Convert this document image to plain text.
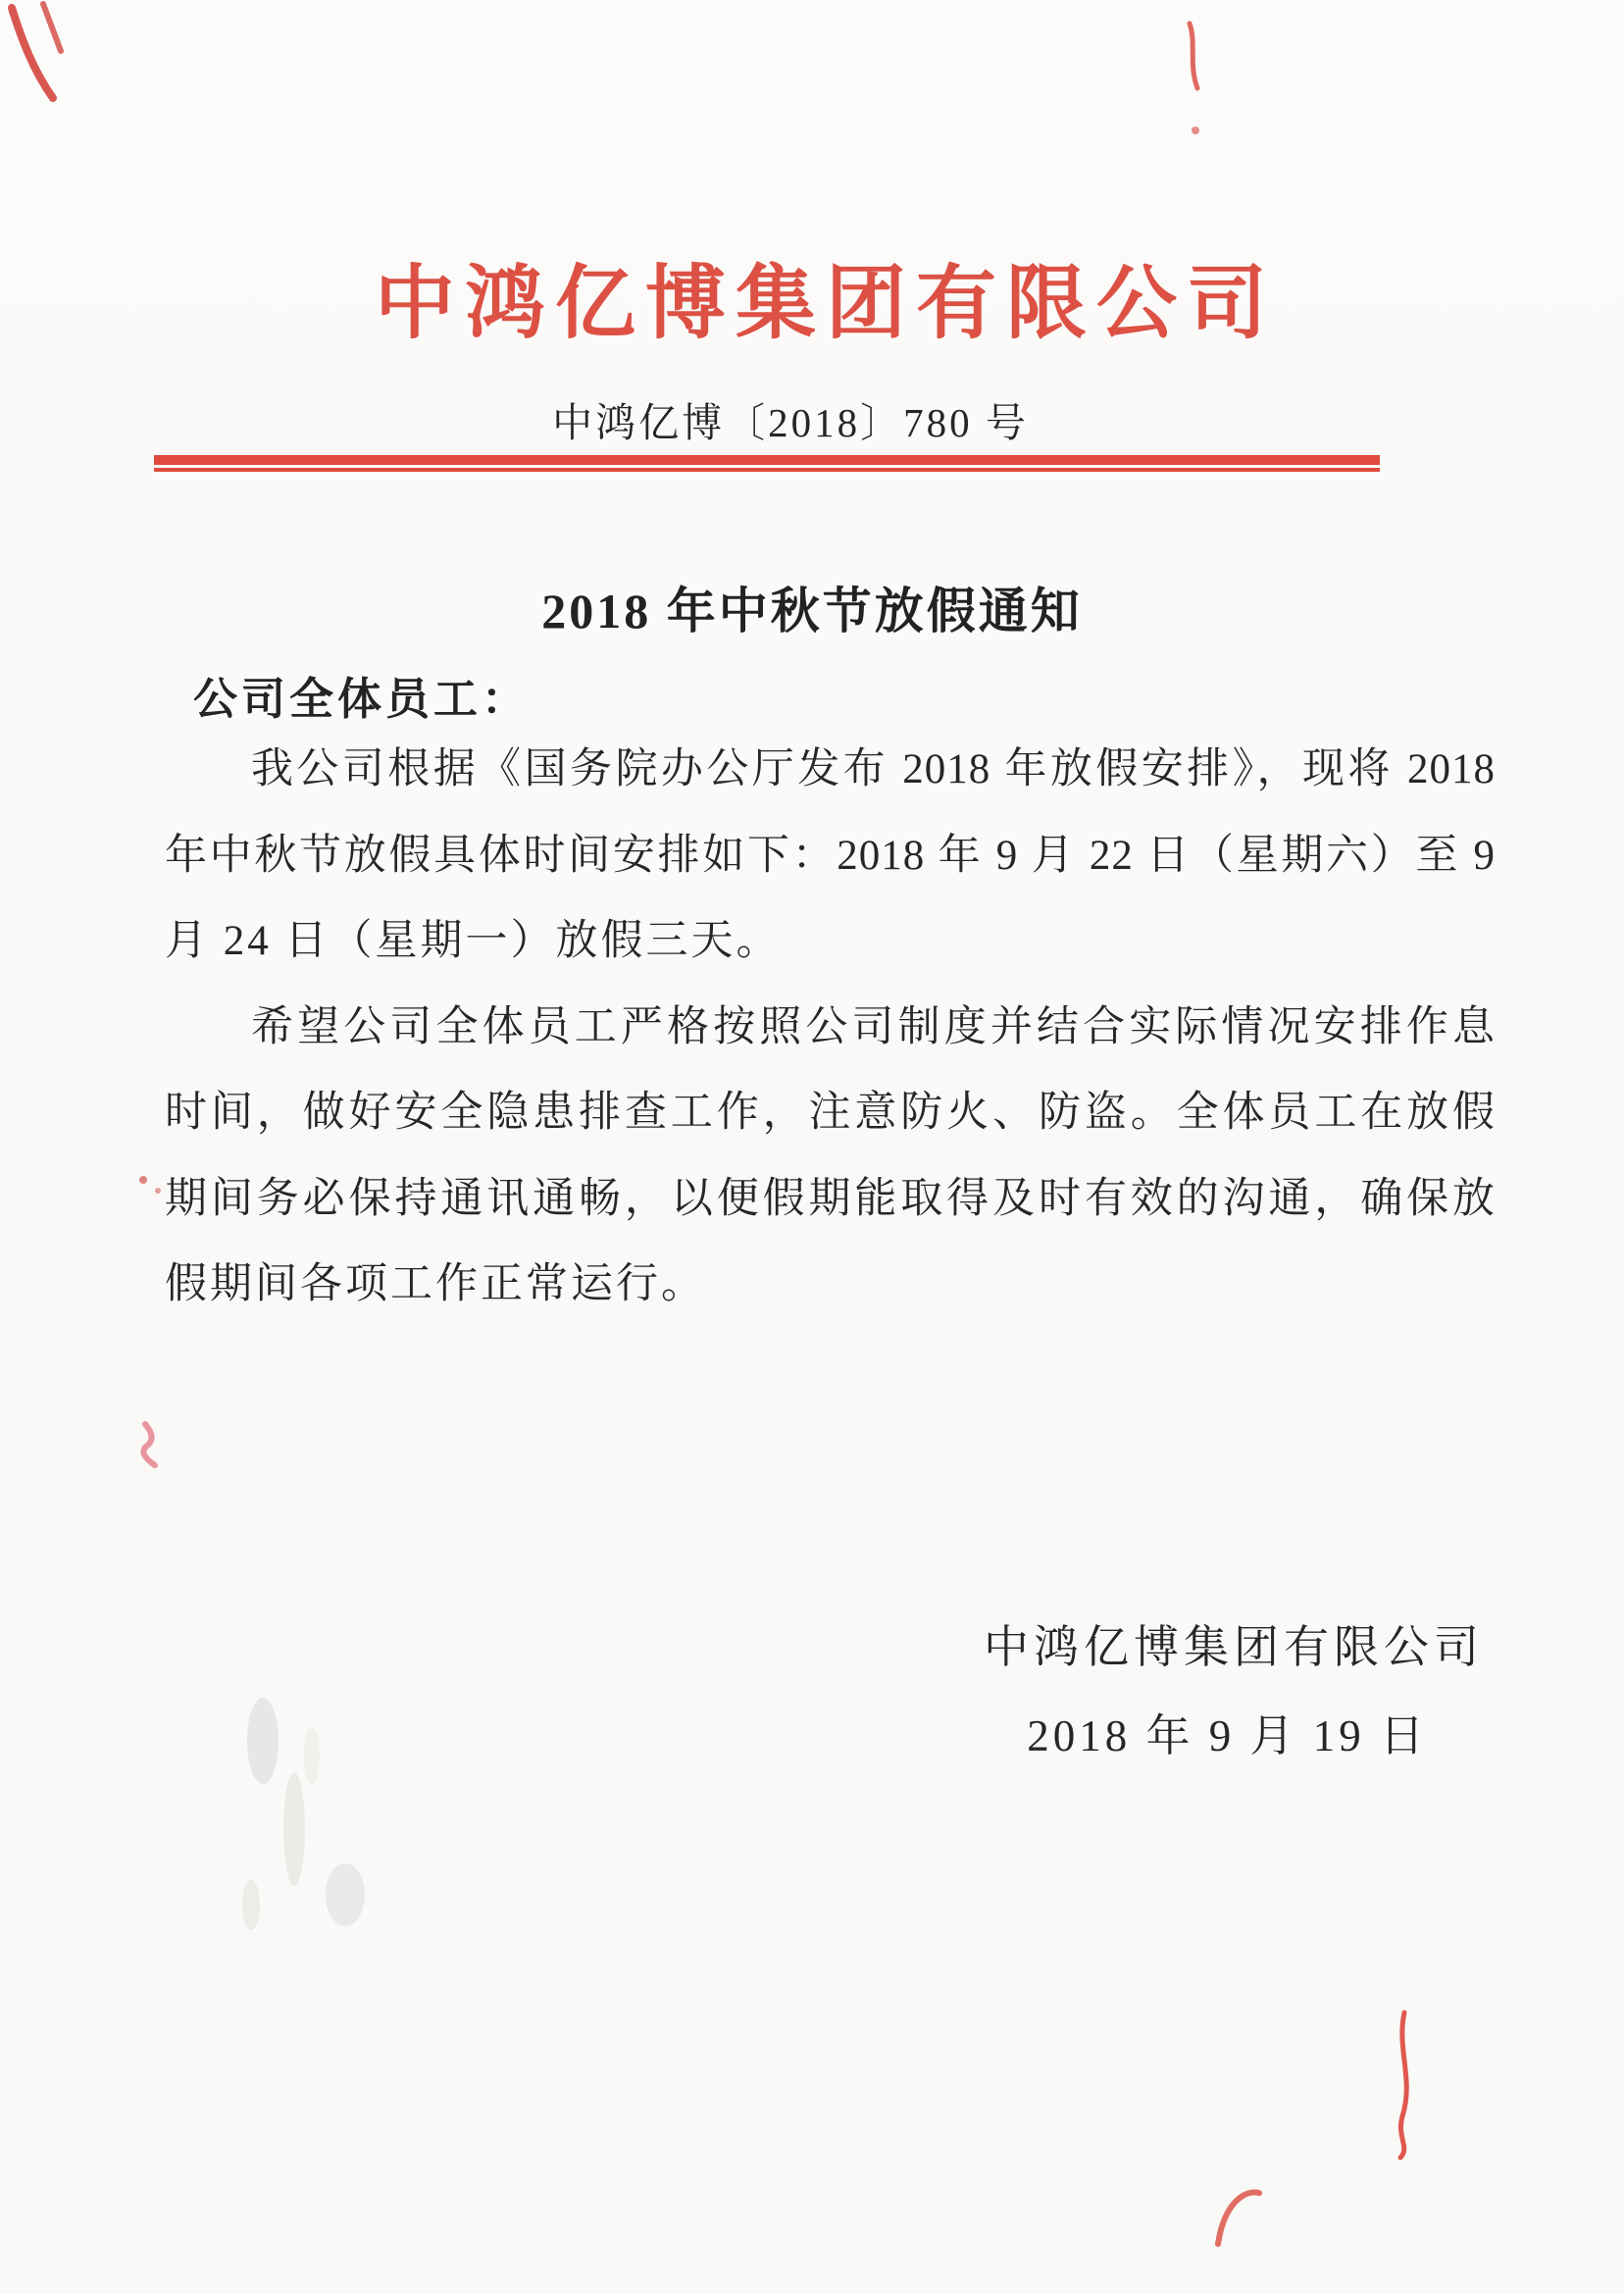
中鸿亿博集团有限公司
中鸿亿博〔2018〕780 号
2018 年中秋节放假通知
公司全体员工：
我公司根据《国务院办公厅发布 2018 年放假安排》，现将 2018
年中秋节放假具体时间安排如下：2018 年 9 月 22 日（星期六）至 9
月 24 日（星期一）放假三天。
希望公司全体员工严格按照公司制度并结合实际情况安排作息
时间，做好安全隐患排查工作，注意防火、防盗。全体员工在放假
期间务必保持通讯通畅，以便假期能取得及时有效的沟通，确保放
假期间各项工作正常运行。
中鸿亿博集团有限公司
2018 年 9 月 19 日
